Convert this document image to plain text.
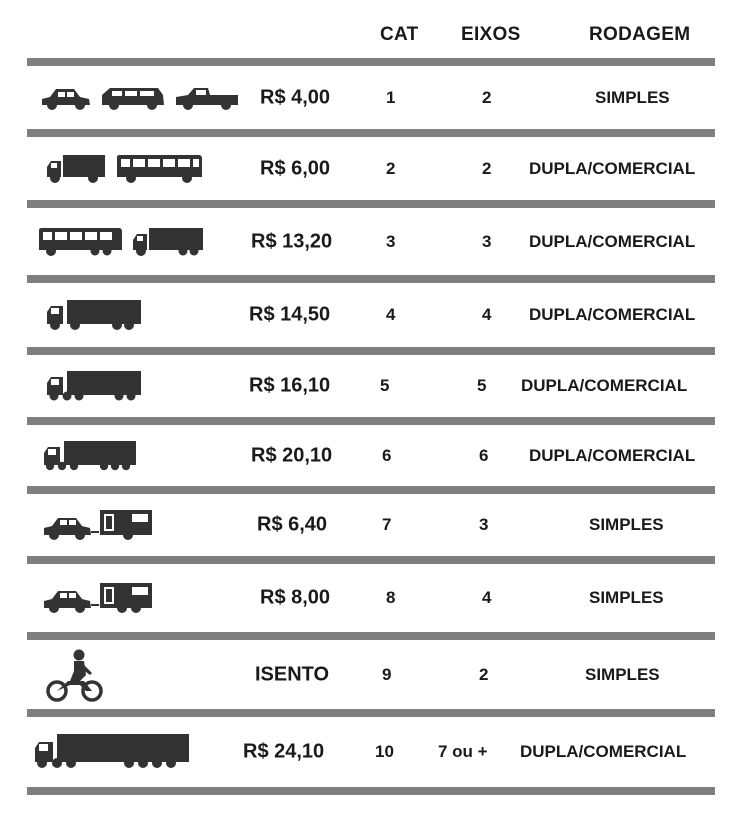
CAT EIXOS	RODAGEM
R$ 4,00	1	2	SIMPLES
R$ 6,00	2	2 DUPLA/COMERCIAL
R$ 13,20	3	3 DUPLA/COMERCIAL
R$ 14,50	4	4 DUPLA/COMERCIAL
R$ 16,10	5	5 DUPLA/COMERCIAL
R$ 20,10	6	6 DUPLA/COMERCIAL
R$ 6,40	7	3	SIMPLES
R$ 8,00	8	4	SIMPLES
ISENTO	9	2	SIMPLES
R$ 24,10	10	7 ou + DUPLA/COMERCIAL
